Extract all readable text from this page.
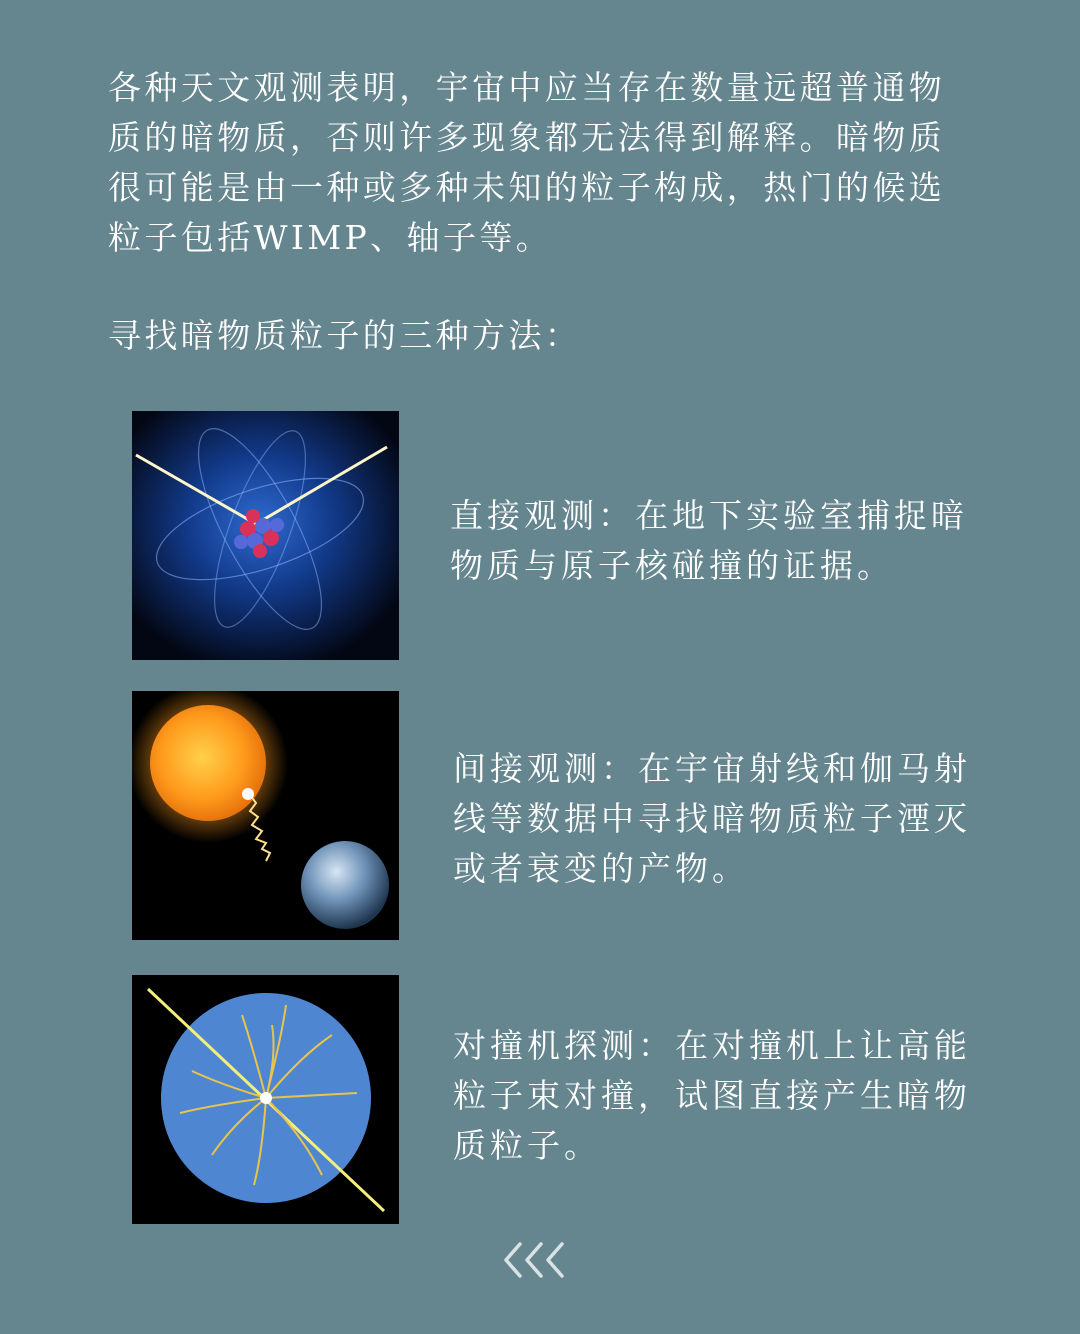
各种天文观测表明，宇宙中应当存在数量远超普通物质的暗物质，否则许多现象都无法得到解释。暗物质很可能是由一种或多种未知的粒子构成，热门的候选粒子包括WIMP、轴子等。

寻找暗物质粒子的三种方法：

直接观测：在地下实验室捕捉暗物质与原子核碰撞的证据。

间接观测：在宇宙射线和伽马射线等数据中寻找暗物质粒子湮灭或者衰变的产物。

对撞机探测：在对撞机上让高能粒子束对撞，试图直接产生暗物质粒子。
